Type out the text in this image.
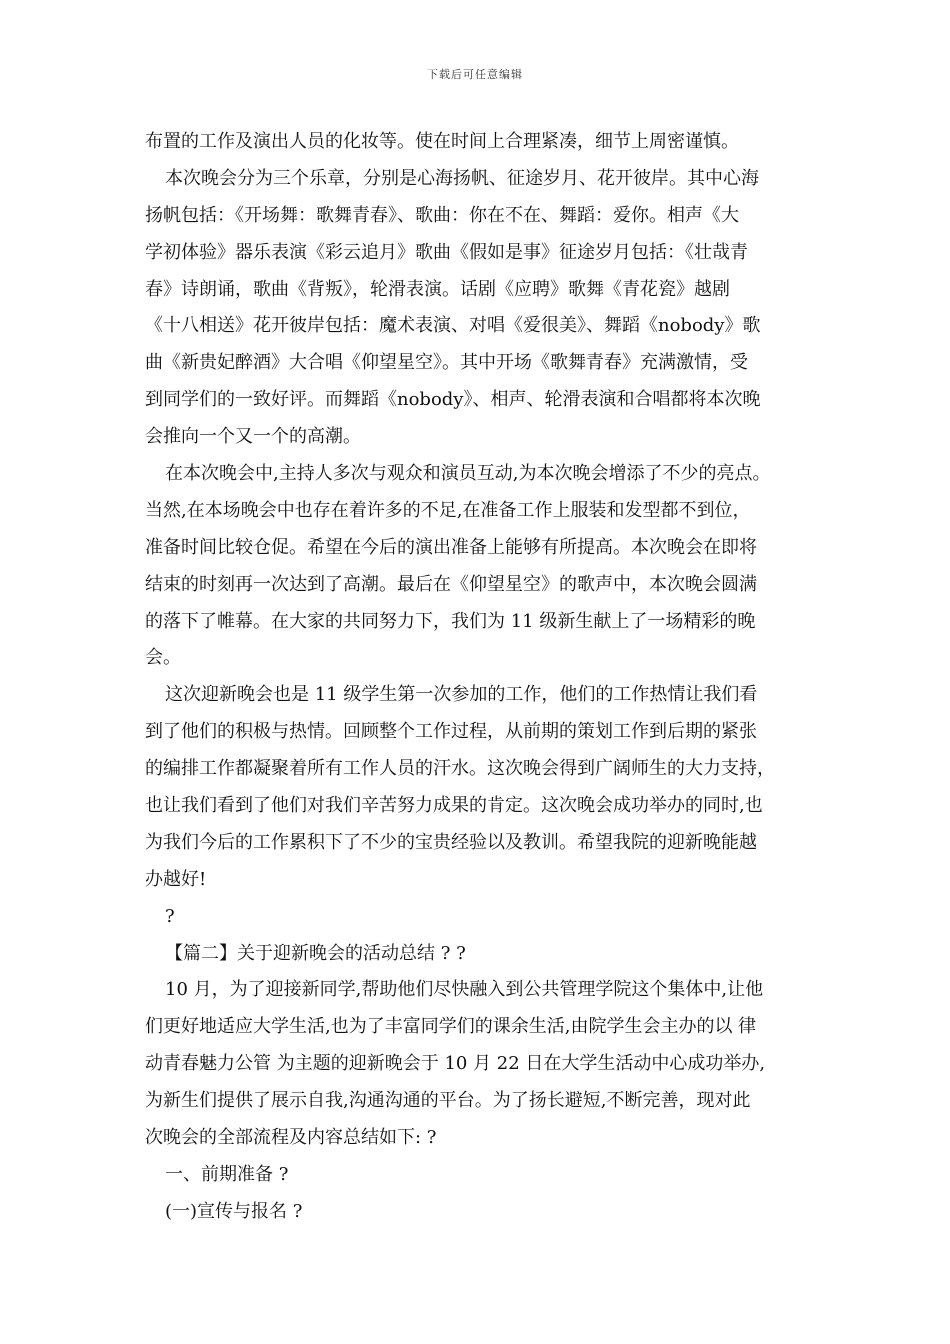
下载后可任意编辑
布置的工作及演出人员的化妆等。使在时间上合理紧凑，细节上周密谨慎。
本次晚会分为三个乐章，分别是心海扬帆、征途岁月、花开彼岸。其中心海
扬帆包括：《开场舞：歌舞青春》、歌曲：你在不在、舞蹈：爱你。相声《大
学初体验》器乐表演《彩云追月》歌曲《假如是事》征途岁月包括：《壮哉青
春》诗朗诵，歌曲《背叛》，轮滑表演。话剧《应聘》歌舞《青花瓷》越剧
《十八相送》花开彼岸包括：魔术表演、对唱《爱很美》、舞蹈《nobody》歌
曲《新贵妃醉酒》大合唱《仰望星空》。其中开场《歌舞青春》充满激情，受
到同学们的一致好评。而舞蹈《nobody》、相声、轮滑表演和合唱都将本次晚
会推向一个又一个的高潮。
在本次晚会中,主持人多次与观众和演员互动,为本次晚会增添了不少的亮点。
当然,在本场晚会中也存在着许多的不足,在准备工作上服装和发型都不到位，
准备时间比较仓促。希望在今后的演出准备上能够有所提高。本次晚会在即将
结束的时刻再一次达到了高潮。最后在《仰望星空》的歌声中，本次晚会圆满
的落下了帷幕。在大家的共同努力下，我们为 11 级新生献上了一场精彩的晚
会。
这次迎新晚会也是 11 级学生第一次参加的工作，他们的工作热情让我们看
到了他们的积极与热情。回顾整个工作过程，从前期的策划工作到后期的紧张
的编排工作都凝聚着所有工作人员的汗水。这次晚会得到广阔师生的大力支持，
也让我们看到了他们对我们辛苦努力成果的肯定。这次晚会成功举办的同时,也
为我们今后的工作累积下了不少的宝贵经验以及教训。希望我院的迎新晚能越
办越好!
?
【篇二】关于迎新晚会的活动总结 ? ?
10 月，为了迎接新同学,帮助他们尽快融入到公共管理学院这个集体中,让他
们更好地适应大学生活,也为了丰富同学们的课余生活,由院学生会主办的以 律
动青春魅力公管 为主题的迎新晚会于 10 月 22 日在大学生活动中心成功举办,
为新生们提供了展示自我,沟通沟通的平台。为了扬长避短,不断完善，现对此
次晚会的全部流程及内容总结如下: ?
一、前期准备 ?
(一)宣传与报名 ?
